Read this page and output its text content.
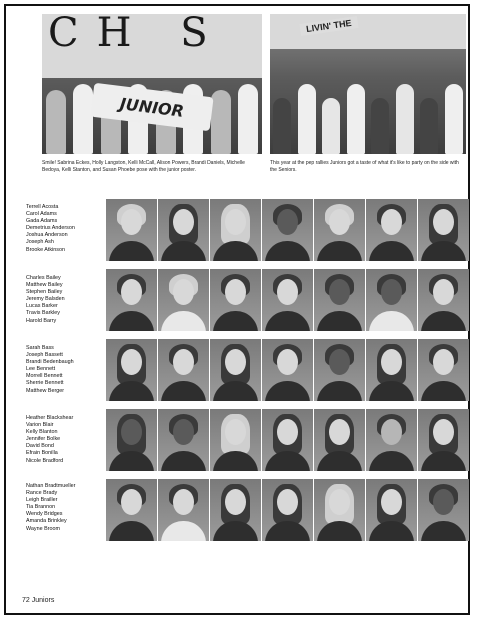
CH S
JUNIOR
LIVIN' THE
Smile! Sabrina Eckes, Holly Langston, Kelli McCall, Alison Powers, Brandi Daniels, Michelle Bedoya, Kelli Stanton, and Susan Phoebe pose with the junior poster.
This year at the pep rallies Juniors got a taste of what it's like to party on the side with the Seniors.
Terrell Acosta
Carol Adams
Gada Adams
Demetrius Anderson
Joshua Anderson
Joseph Ash
Brooke Atkinson
Charles Bailey
Matthew Bailey
Stephen Bailey
Jeremy Balsden
Lucas Barker
Travis Barkley
Harold Barry
Sarah Bass
Joseph Bassett
Brandi Bedenbaugh
Lee Bennett
Morrell Bennett
Sherrie Bennett
Matthew Berger
Heather Blackshear
Varion Blair
Kelly Blanton
Jennifer Bolke
David Bond
Efrain Bonilla
Nicole Bradford
Nathan Bradtmueller
Rance Brady
Leigh Brailler
Tia Brannon
Wendy Bridges
Amanda Brinkley
Wayne Broom
72 Juniors
